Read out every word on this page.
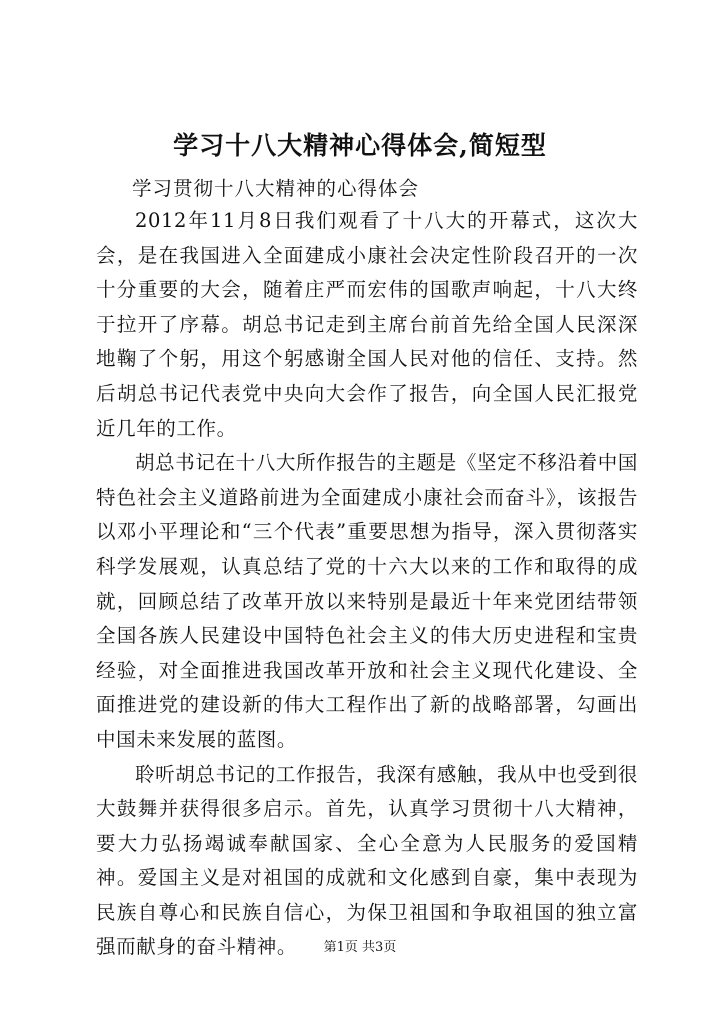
学习十八大精神心得体会,简短型
学习贯彻十八大精神的心得体会

2012年11月8日我们观看了十八大的开幕式，这次大会，是在我国进入全面建成小康社会决定性阶段召开的一次十分重要的大会，随着庄严而宏伟的国歌声响起，十八大终于拉开了序幕。胡总书记走到主席台前首先给全国人民深深地鞠了个躬，用这个躬感谢全国人民对他的信任、支持。然后胡总书记代表党中央向大会作了报告，向全国人民汇报党近几年的工作。

胡总书记在十八大所作报告的主题是《坚定不移沿着中国特色社会主义道路前进为全面建成小康社会而奋斗》，该报告以邓小平理论和“三个代表”重要思想为指导，深入贯彻落实科学发展观，认真总结了党的十六大以来的工作和取得的成就，回顾总结了改革开放以来特别是最近十年来党团结带领全国各族人民建设中国特色社会主义的伟大历史进程和宝贵经验，对全面推进我国改革开放和社会主义现代化建设、全面推进党的建设新的伟大工程作出了新的战略部署，勾画出中国未来发展的蓝图。

聆听胡总书记的工作报告，我深有感触，我从中也受到很大鼓舞并获得很多启示。首先，认真学习贯彻十八大精神，要大力弘扬竭诚奉献国家、全心全意为人民服务的爱国精神。爱国主义是对祖国的成就和文化感到自豪，集中表现为民族自尊心和民族自信心，为保卫祖国和争取祖国的独立富强而献身的奋斗精神。	第1页 共3页
